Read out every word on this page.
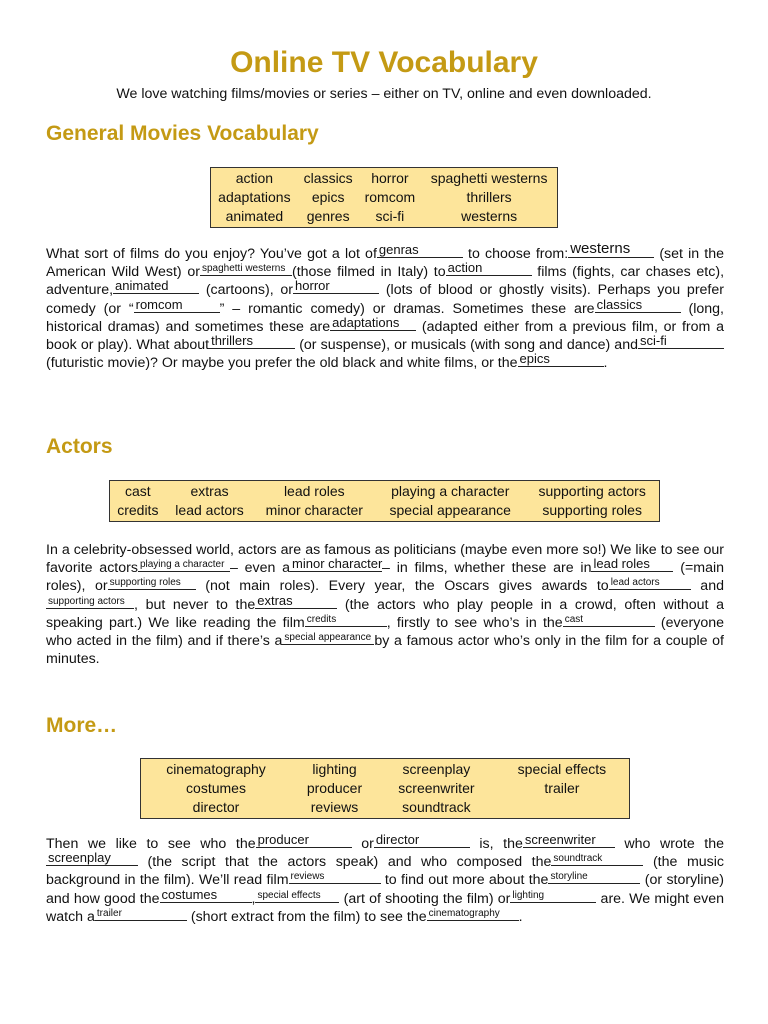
Online TV Vocabulary

We love watching films/movies or series – either on TV, online and even downloaded.

General Movies Vocabulary
action	classics	horror	spaghetti westerns
adaptations	epics	romcom	thrillers
animated	genres	sci-fi	westerns

What sort of films do you enjoy? You’ve got a lot of genras	to choose from: westerns (set in the American Wild West) or spaghetti westerns (those filmed in Italy) to action	films (fights, car chases etc), adventure, animated (cartoons), or horror	(lots of blood or ghostly visits). Perhaps you prefer comedy (or “ romcom	” – romantic comedy) or dramas. Sometimes these are classics	(long, historical dramas) and sometimes these are adaptations (adapted either from a previous film, or from a book or play). What about thrillers	(or suspense), or musicals (with song and dance) and sci-fi
(futuristic movie)? Or maybe you prefer the old black and white films, or the epics	.

Actors
cast	extras	lead roles	playing a character	supporting actors
credits	lead actors	minor character	special appearance	supporting roles

In a celebrity-obsessed world, actors are as famous as politicians (maybe even more so!) We like to see our favorite actors playing a character – even a minor character – in films, whether these are in lead roles (=main roles), or supporting roles (not main roles). Every year, the Oscars gives awards to lead actors and
supporting actors , but never to the extras	(the actors who play people in a crowd, often without a speaking part.) We like reading the film credits	, firstly to see who’s in the cast	(everyone who acted in the film) and if there’s a special appearance by a famous actor who’s only in the film for a couple of minutes.

More…
cinematography	lighting	screenplay	special effects
costumes	producer	screenwriter	trailer
director	reviews	soundtrack	

Then we like to see who the producer	or director	is, the screenwriter who wrote the
screenplay (the script that the actors speak) and who composed the soundtrack	(the music background in the film). We’ll read film reviews	to find out more about the storyline	(or storyline) and how good the costumes , special effects (art of shooting the film) or lighting	are. We might even watch a trailer	(short extract from the film) to see the cinematography .
